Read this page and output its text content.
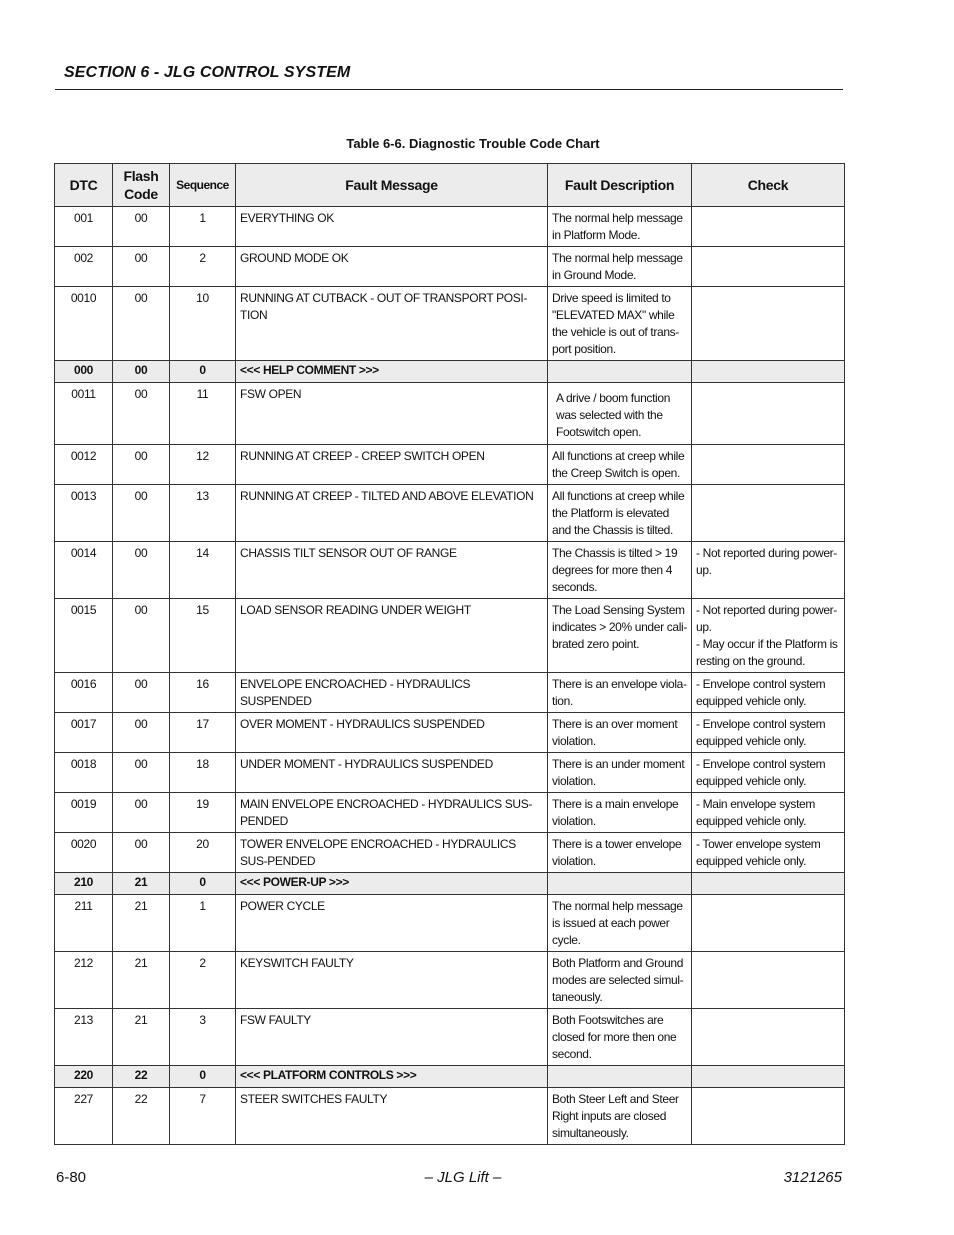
SECTION 6 - JLG CONTROL SYSTEM
Table 6-6. Diagnostic Trouble Code Chart
DTC	Flash Code	Sequence	Fault Message	Fault Description	Check
001	00	1	EVERYTHING OK	The normal help message in Platform Mode.	
002	00	2	GROUND MODE OK	The normal help message in Ground Mode.	
0010	00	10	RUNNING AT CUTBACK - OUT OF TRANSPORT POSI-TION	Drive speed is limited to "ELEVATED MAX" while the vehicle is out of trans-port position.	
000	00	0	<<< HELP COMMENT >>>		
0011	00	11	FSW OPEN	A drive / boom function was selected with the Footswitch open.	
0012	00	12	RUNNING AT CREEP - CREEP SWITCH OPEN	All functions at creep while the Creep Switch is open.	
0013	00	13	RUNNING AT CREEP - TILTED AND ABOVE ELEVATION	All functions at creep while the Platform is elevated and the Chassis is tilted.	
0014	00	14	CHASSIS TILT SENSOR OUT OF RANGE	The Chassis is tilted > 19 degrees for more then 4 seconds.	- Not reported during power-up.
0015	00	15	LOAD SENSOR READING UNDER WEIGHT	The Load Sensing System indicates > 20% under cali-brated zero point.	- Not reported during power-up.
- May occur if the Platform is resting on the ground.
0016	00	16	ENVELOPE ENCROACHED - HYDRAULICS SUSPENDED	There is an envelope viola-tion.	- Envelope control system equipped vehicle only.
0017	00	17	OVER MOMENT - HYDRAULICS SUSPENDED	There is an over moment violation.	- Envelope control system equipped vehicle only.
0018	00	18	UNDER MOMENT - HYDRAULICS SUSPENDED	There is an under moment violation.	- Envelope control system equipped vehicle only.
0019	00	19	MAIN ENVELOPE ENCROACHED - HYDRAULICS SUS-PENDED	There is a main envelope violation.	- Main envelope system equipped vehicle only.
0020	00	20	TOWER ENVELOPE ENCROACHED - HYDRAULICS SUS-PENDED	There is a tower envelope violation.	- Tower envelope system equipped vehicle only.
210	21	0	<<< POWER-UP >>>		
211	21	1	POWER CYCLE	The normal help message is issued at each power cycle.	
212	21	2	KEYSWITCH FAULTY	Both Platform and Ground modes are selected simul-taneously.	
213	21	3	FSW FAULTY	Both Footswitches are closed for more then one second.	
220	22	0	<<< PLATFORM CONTROLS >>>		
227	22	7	STEER SWITCHES FAULTY	Both Steer Left and Steer Right inputs are closed simultaneously.	
6-80	– JLG Lift –	3121265
